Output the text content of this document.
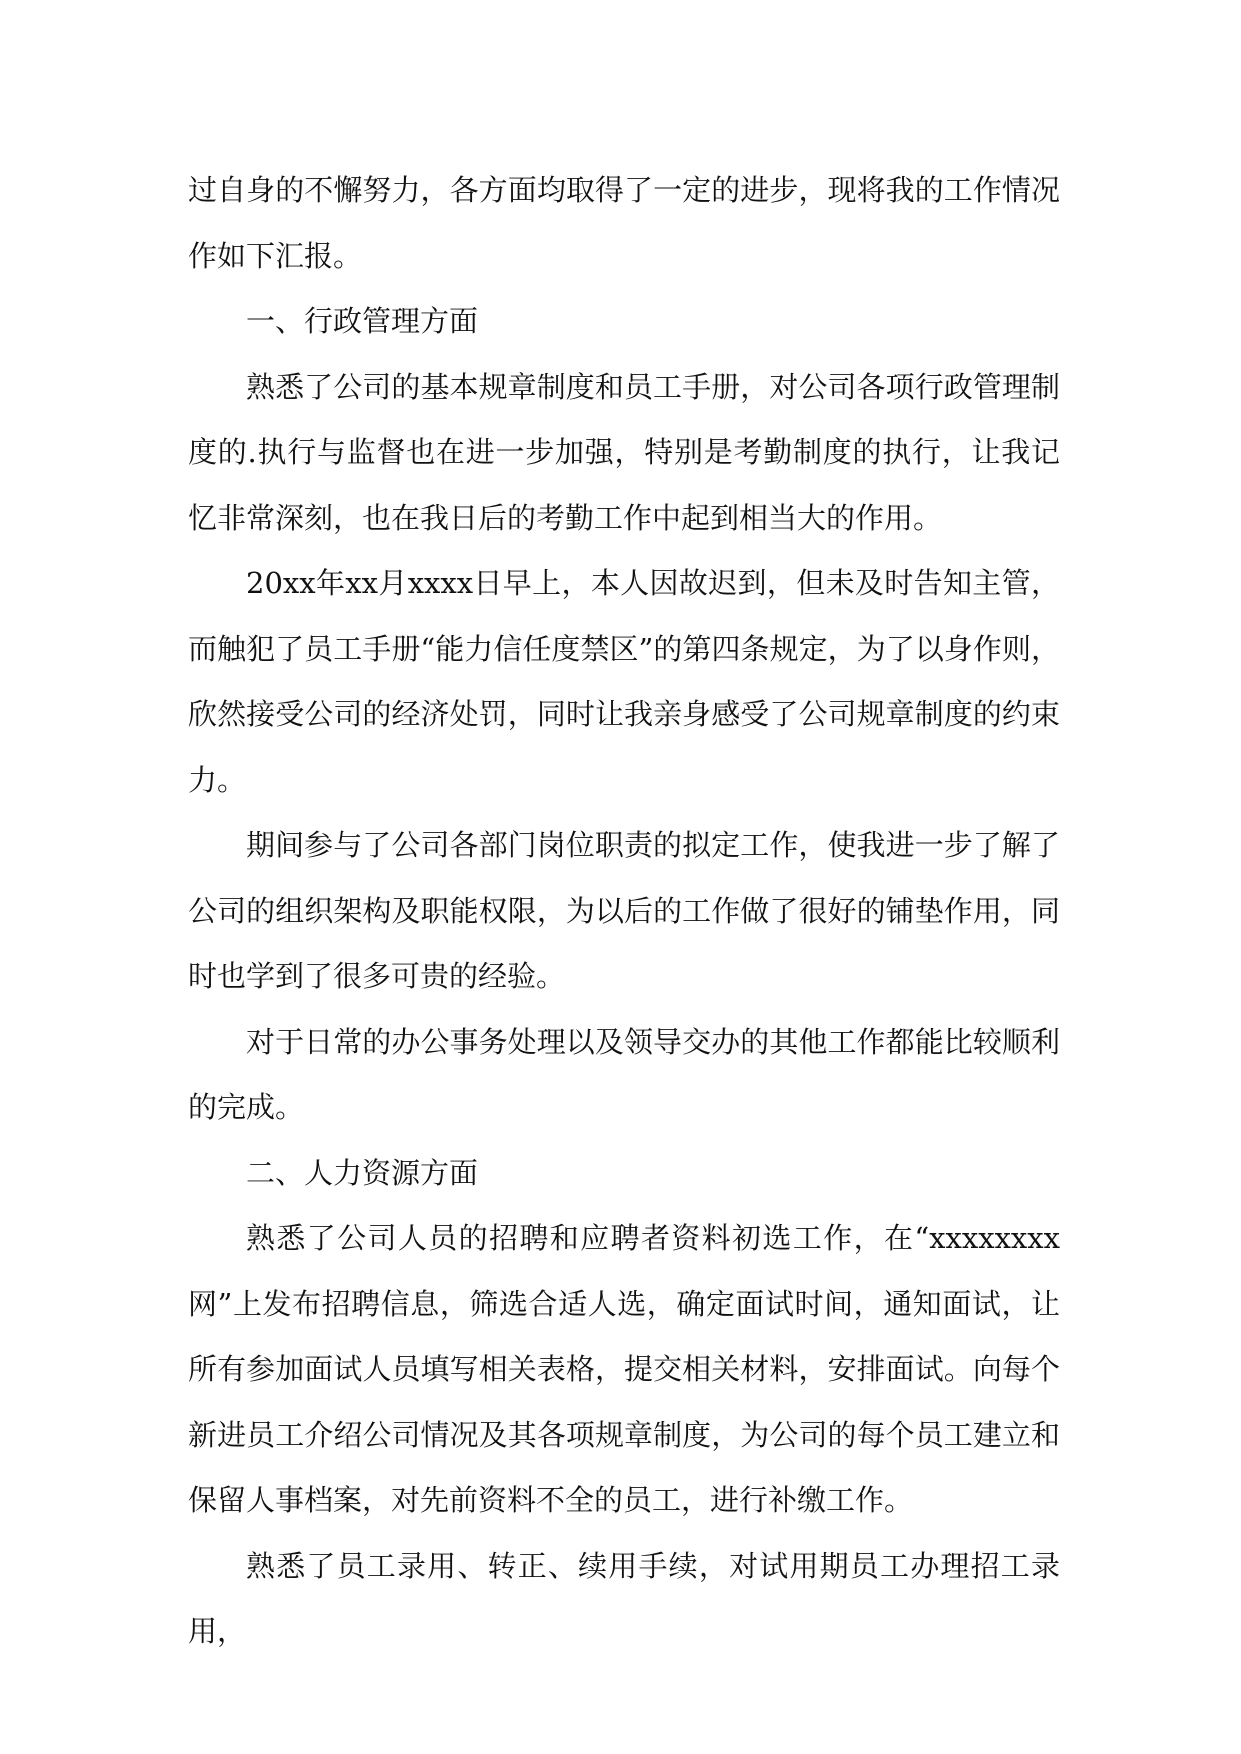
过自身的不懈努力，各方面均取得了一定的进步，现将我的工作情况作如下汇报。

一、行政管理方面

熟悉了公司的基本规章制度和员工手册，对公司各项行政管理制度的.执行与监督也在进一步加强，特别是考勤制度的执行，让我记忆非常深刻，也在我日后的考勤工作中起到相当大的作用。

20xx年xx月xxxx日早上，本人因故迟到，但未及时告知主管，而触犯了员工手册“能力信任度禁区”的第四条规定，为了以身作则，欣然接受公司的经济处罚，同时让我亲身感受了公司规章制度的约束力。

期间参与了公司各部门岗位职责的拟定工作，使我进一步了解了公司的组织架构及职能权限，为以后的工作做了很好的铺垫作用，同时也学到了很多可贵的经验。

对于日常的办公事务处理以及领导交办的其他工作都能比较顺利的完成。

二、人力资源方面

熟悉了公司人员的招聘和应聘者资料初选工作，在“xxxxxxxx网”上发布招聘信息，筛选合适人选，确定面试时间，通知面试，让所有参加面试人员填写相关表格，提交相关材料，安排面试。向每个新进员工介绍公司情况及其各项规章制度，为公司的每个员工建立和保留人事档案，对先前资料不全的员工，进行补缴工作。

熟悉了员工录用、转正、续用手续，对试用期员工办理招工录用，
